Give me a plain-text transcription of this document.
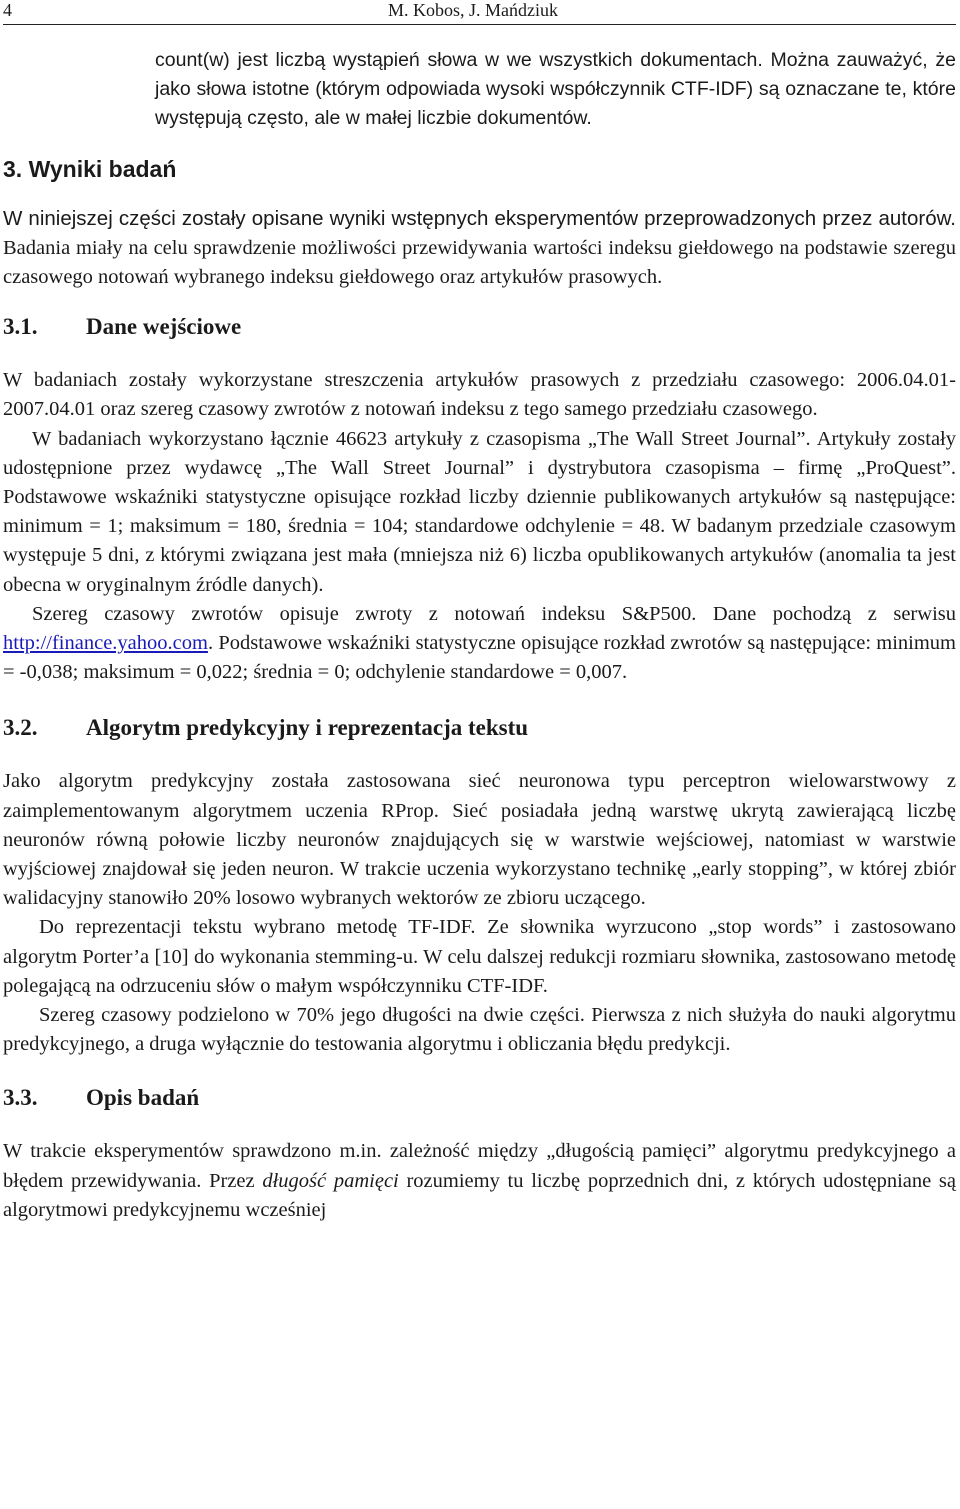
4	M. Kobos, J. Mańdziuk

count(w) jest liczbą wystąpień słowa w we wszystkich dokumentach. Można zauważyć, że jako słowa istotne (którym odpowiada wysoki współczynnik CTF-IDF) są oznaczane te, które występują często, ale w małej liczbie dokumentów.

3. Wyniki badań

W niniejszej części zostały opisane wyniki wstępnych eksperymentów przeprowadzonych przez autorów. Badania miały na celu sprawdzenie możliwości przewidywania wartości indeksu giełdowego na podstawie szeregu czasowego notowań wybranego indeksu giełdowego oraz artykułów prasowych.

3.1.	Dane wejściowe

W badaniach zostały wykorzystane streszczenia artykułów prasowych z przedziału czasowego: 2006.04.01-2007.04.01 oraz szereg czasowy zwrotów z notowań indeksu z tego samego przedziału czasowego.

W badaniach wykorzystano łącznie 46623 artykuły z czasopisma „The Wall Street Journal”. Artykuły zostały udostępnione przez wydawcę „The Wall Street Journal” i dystrybutora czasopisma – firmę „ProQuest”. Podstawowe wskaźniki statystyczne opisujące rozkład liczby dziennie publikowanych artykułów są następujące: minimum = 1; maksimum = 180, średnia = 104; standardowe odchylenie = 48. W badanym przedziale czasowym występuje 5 dni, z którymi związana jest mała (mniejsza niż 6) liczba opublikowanych artykułów (anomalia ta jest obecna w oryginalnym źródle danych).

Szereg czasowy zwrotów opisuje zwroty z notowań indeksu S&P500. Dane pochodzą z serwisu http://finance.yahoo.com. Podstawowe wskaźniki statystyczne opisujące rozkład zwrotów są następujące: minimum = -0,038; maksimum = 0,022; średnia = 0; odchylenie standardowe = 0,007.

3.2.	Algorytm predykcyjny i reprezentacja tekstu

Jako algorytm predykcyjny została zastosowana sieć neuronowa typu perceptron wielowarstwowy z zaimplementowanym algorytmem uczenia RProp. Sieć posiadała jedną warstwę ukrytą zawierającą liczbę neuronów równą połowie liczby neuronów znajdujących się w warstwie wejściowej, natomiast w warstwie wyjściowej znajdował się jeden neuron. W trakcie uczenia wykorzystano technikę „early stopping”, w której zbiór walidacyjny stanowiło 20% losowo wybranych wektorów ze zbioru uczącego.

Do reprezentacji tekstu wybrano metodę TF-IDF. Ze słownika wyrzucono „stop words” i zastosowano algorytm Porter’a [10] do wykonania stemming-u. W celu dalszej redukcji rozmiaru słownika, zastosowano metodę polegającą na odrzuceniu słów o małym współczynniku CTF-IDF.

Szereg czasowy podzielono w 70% jego długości na dwie części. Pierwsza z nich służyła do nauki algorytmu predykcyjnego, a druga wyłącznie do testowania algorytmu i obliczania błędu predykcji.

3.3.	Opis badań

W trakcie eksperymentów sprawdzono m.in. zależność między „długością pamięci” algorytmu predykcyjnego a błędem przewidywania. Przez długość pamięci rozumiemy tu liczbę poprzednich dni, z których udostępniane są algorytmowi predykcyjnemu wcześniej
